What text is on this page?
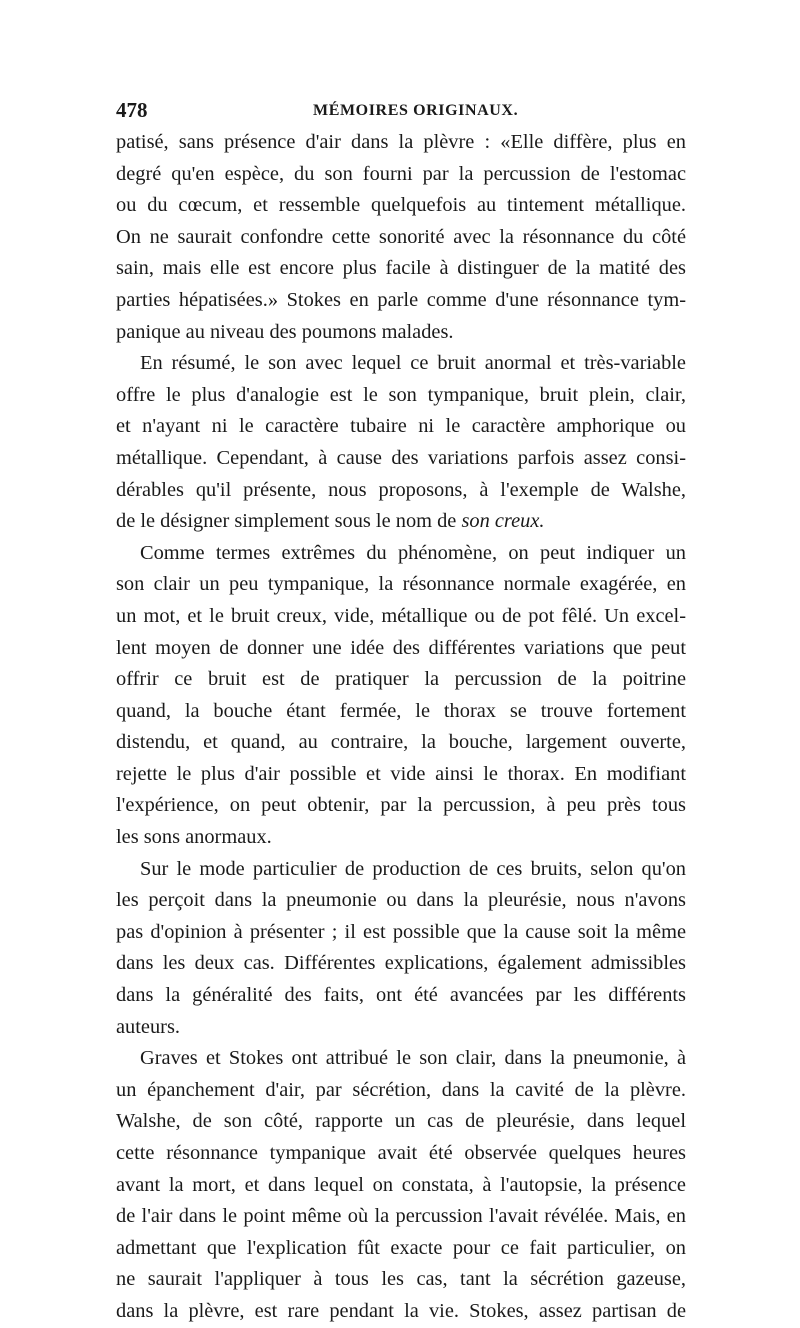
478	MÉMOIRES ORIGINAUX.
patisé, sans présence d'air dans la plèvre : «Elle diffère, plus en
degré qu'en espèce, du son fourni par la percussion de l'estomac
ou du cœcum, et ressemble quelquefois au tintement métallique.
On ne saurait confondre cette sonorité avec la résonnance du côté
sain, mais elle est encore plus facile à distinguer de la matité des
parties hépatisées.» Stokes en parle comme d'une résonnance tym-
panique au niveau des poumons malades.
En résumé, le son avec lequel ce bruit anormal et très-variable
offre le plus d'analogie est le son tympanique, bruit plein, clair,
et n'ayant ni le caractère tubaire ni le caractère amphorique ou
métallique. Cependant, à cause des variations parfois assez consi-
dérables qu'il présente, nous proposons, à l'exemple de Walshe,
de le désigner simplement sous le nom de son creux.
Comme termes extrêmes du phénomène, on peut indiquer un
son clair un peu tympanique, la résonnance normale exagérée, en
un mot, et le bruit creux, vide, métallique ou de pot fêlé. Un excel-
lent moyen de donner une idée des différentes variations que peut
offrir ce bruit est de pratiquer la percussion de la poitrine
quand, la bouche étant fermée, le thorax se trouve fortement
distendu, et quand, au contraire, la bouche, largement ouverte,
rejette le plus d'air possible et vide ainsi le thorax. En modifiant
l'expérience, on peut obtenir, par la percussion, à peu près tous
les sons anormaux.
Sur le mode particulier de production de ces bruits, selon qu'on
les perçoit dans la pneumonie ou dans la pleurésie, nous n'avons
pas d'opinion à présenter ; il est possible que la cause soit la même
dans les deux cas. Différentes explications, également admissibles
dans la généralité des faits, ont été avancées par les différents
auteurs.
Graves et Stokes ont attribué le son clair, dans la pneumonie, à
un épanchement d'air, par sécrétion, dans la cavité de la plèvre.
Walshe, de son côté, rapporte un cas de pleurésie, dans lequel
cette résonnance tympanique avait été observée quelques heures
avant la mort, et dans lequel on constata, à l'autopsie, la présence
de l'air dans le point même où la percussion l'avait révélée. Mais, en
admettant que l'explication fût exacte pour ce fait particulier, on
ne saurait l'appliquer à tous les cas, tant la sécrétion gazeuse,
dans la plèvre, est rare pendant la vie. Stokes, assez partisan de
